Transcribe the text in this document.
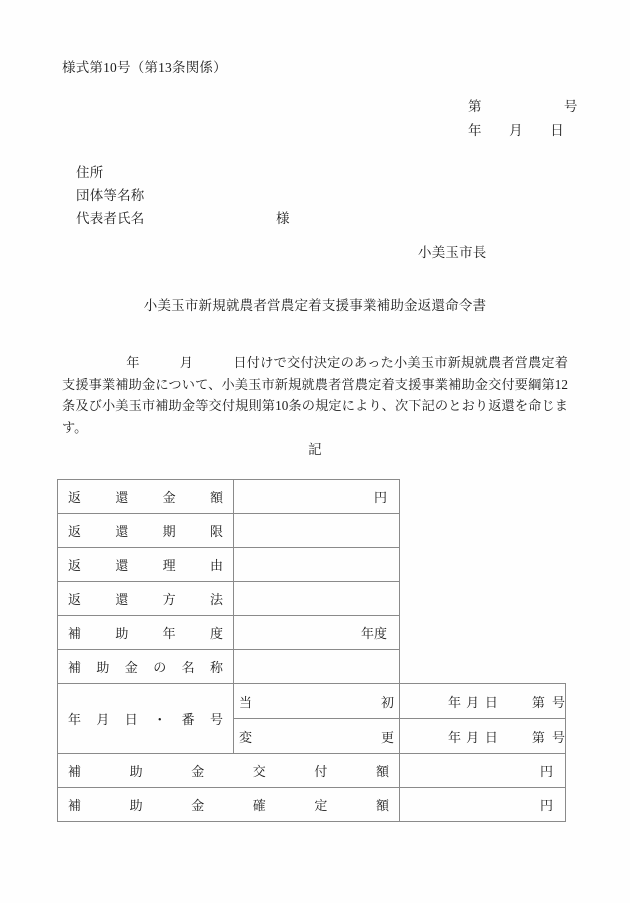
様式第10号（第13条関係）
第　　　　　　号
年　　月　　日
住所
団体等名称
代表者氏名	様
小美玉市長
小美玉市新規就農者営農定着支援事業補助金返還命令書
年　　　月　　　日付けで交付決定のあった小美玉市新規就農者営農定着支援事業補助金について、小美玉市新規就農者営農定着支援事業補助金交付要綱第12条及び小美玉市補助金等交付規則第10条の規定により、次下記のとおり返還を命じます。
記
返還金額	円	

返還期限		

返還理由		

返還方法		

補助年度	年度	

補助金の名称		

年月日・番号	当初	年 月 日 第 号

	変更	年 月 日 第 号

補助金交付額		円

補助金確定額		円
